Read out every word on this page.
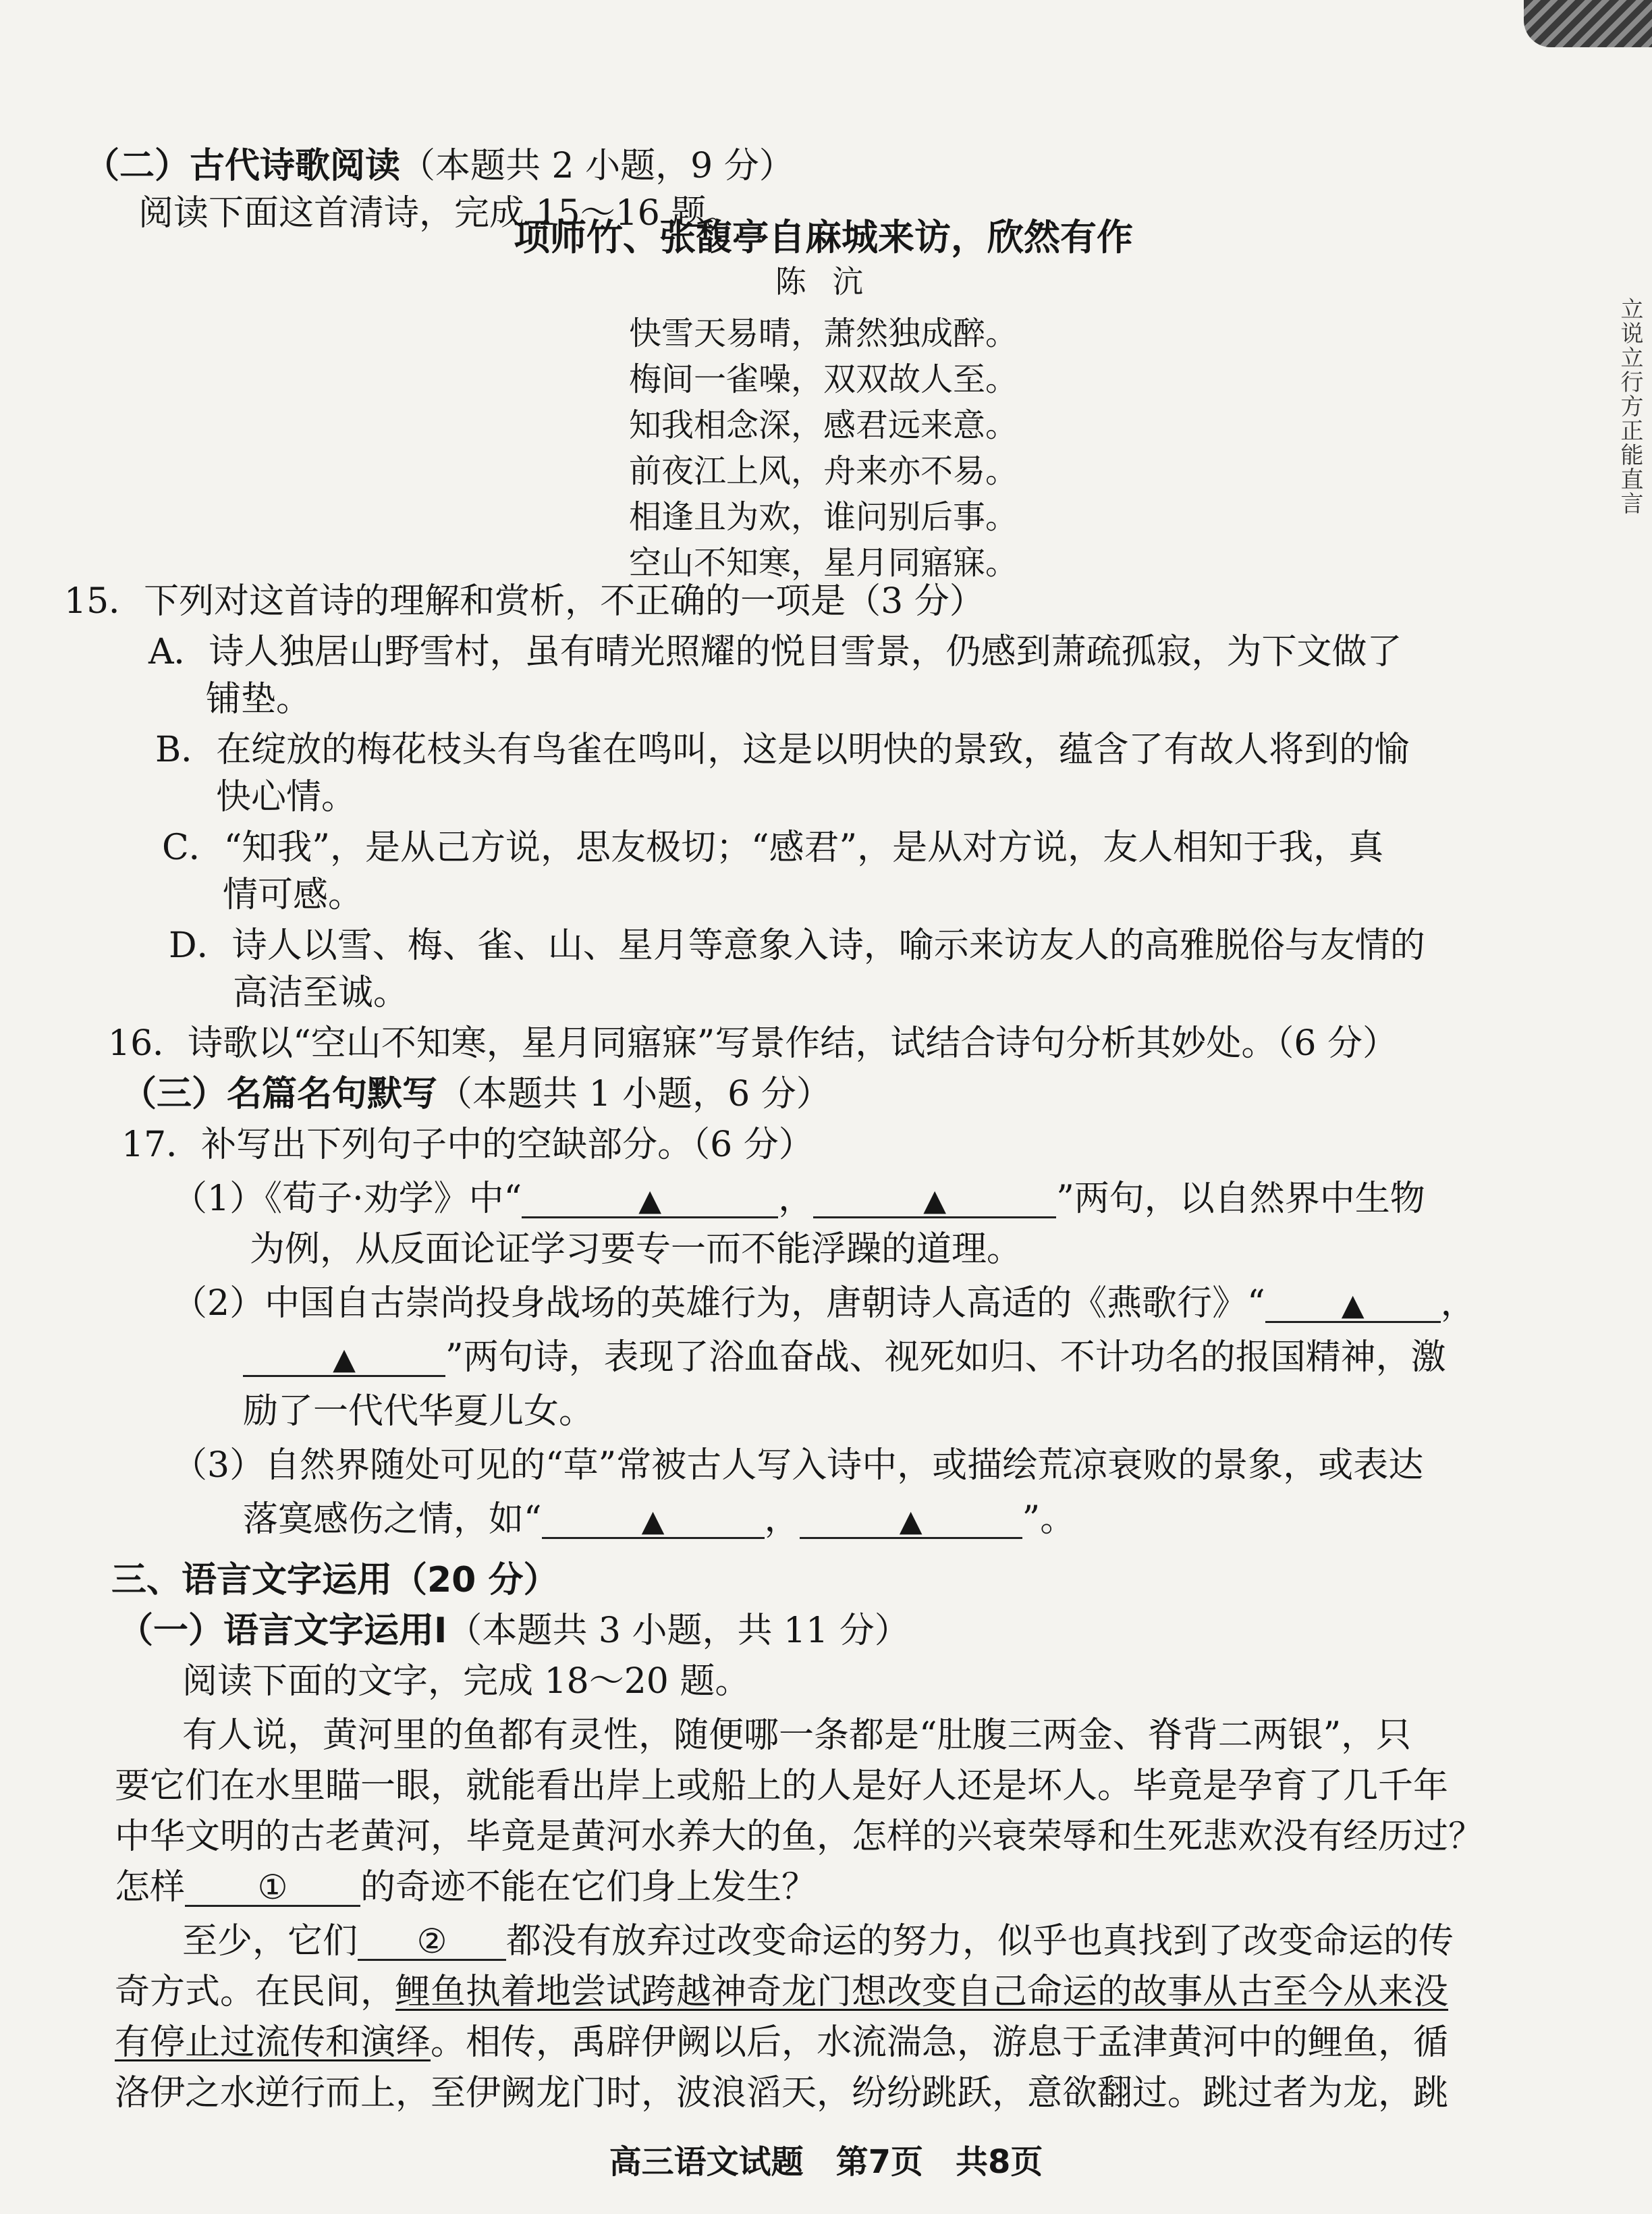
立说立行方正能直言
（二）古代诗歌阅读（本题共 2 小题，9 分）
阅读下面这首清诗，完成 15～16 题。
项师竹、张馥亭自麻城来访，欣然有作
陈 沆
快雪天易晴，萧然独成醉。
梅间一雀噪，双双故人至。
知我相念深，感君远来意。
前夜江上风，舟来亦不易。
相逢且为欢，谁问别后事。
空山不知寒，星月同寤寐。
15．下列对这首诗的理解和赏析，不正确的一项是（3 分）
A．诗人独居山野雪村，虽有晴光照耀的悦目雪景，仍感到萧疏孤寂，为下文做了
铺垫。
B．在绽放的梅花枝头有鸟雀在鸣叫，这是以明快的景致，蕴含了有故人将到的愉
快心情。
C．“知我”，是从己方说，思友极切；“感君”，是从对方说，友人相知于我，真
情可感。
D．诗人以雪、梅、雀、山、星月等意象入诗，喻示来访友人的高雅脱俗与友情的
高洁至诚。
16．诗歌以“空山不知寒，星月同寤寐”写景作结，试结合诗句分析其妙处。（6 分）
（三）名篇名句默写（本题共 1 小题，6 分）
17．补写出下列句子中的空缺部分。（6 分）
（1）《荀子·劝学》中“	▲	，	▲	”两句，以自然界中生物
为例，从反面论证学习要专一而不能浮躁的道理。
（2）中国自古崇尚投身战场的英雄行为，唐朝诗人高适的《燕歌行》“	▲ ，
▲	”两句诗，表现了浴血奋战、视死如归、不计功名的报国精神，激
励了一代代华夏儿女。
（3）自然界随处可见的“草”常被古人写入诗中，或描绘荒凉衰败的景象，或表达
落寞感伤之情，如“	▲	，	▲	”。
三、语言文字运用（20 分）
（一）语言文字运用Ⅰ（本题共 3 小题，共 11 分）
阅读下面的文字，完成 18～20 题。
有人说，黄河里的鱼都有灵性，随便哪一条都是“肚腹三两金、脊背二两银”，只
要它们在水里瞄一眼，就能看出岸上或船上的人是好人还是坏人。毕竟是孕育了几千年
中华文明的古老黄河，毕竟是黄河水养大的鱼，怎样的兴衰荣辱和生死悲欢没有经历过？
怎样 ① 的奇迹不能在它们身上发生？
至少，它们 ② 都没有放弃过改变命运的努力，似乎也真找到了改变命运的传
奇方式。在民间，鲤鱼执着地尝试跨越神奇龙门想改变自己命运的故事从古至今从来没
有停止过流传和演绎。相传，禹辟伊阙以后，水流湍急，游息于孟津黄河中的鲤鱼，循
洛伊之水逆行而上，至伊阙龙门时，波浪滔天，纷纷跳跃，意欲翻过。跳过者为龙，跳
高三语文试题　第7页　共8页
